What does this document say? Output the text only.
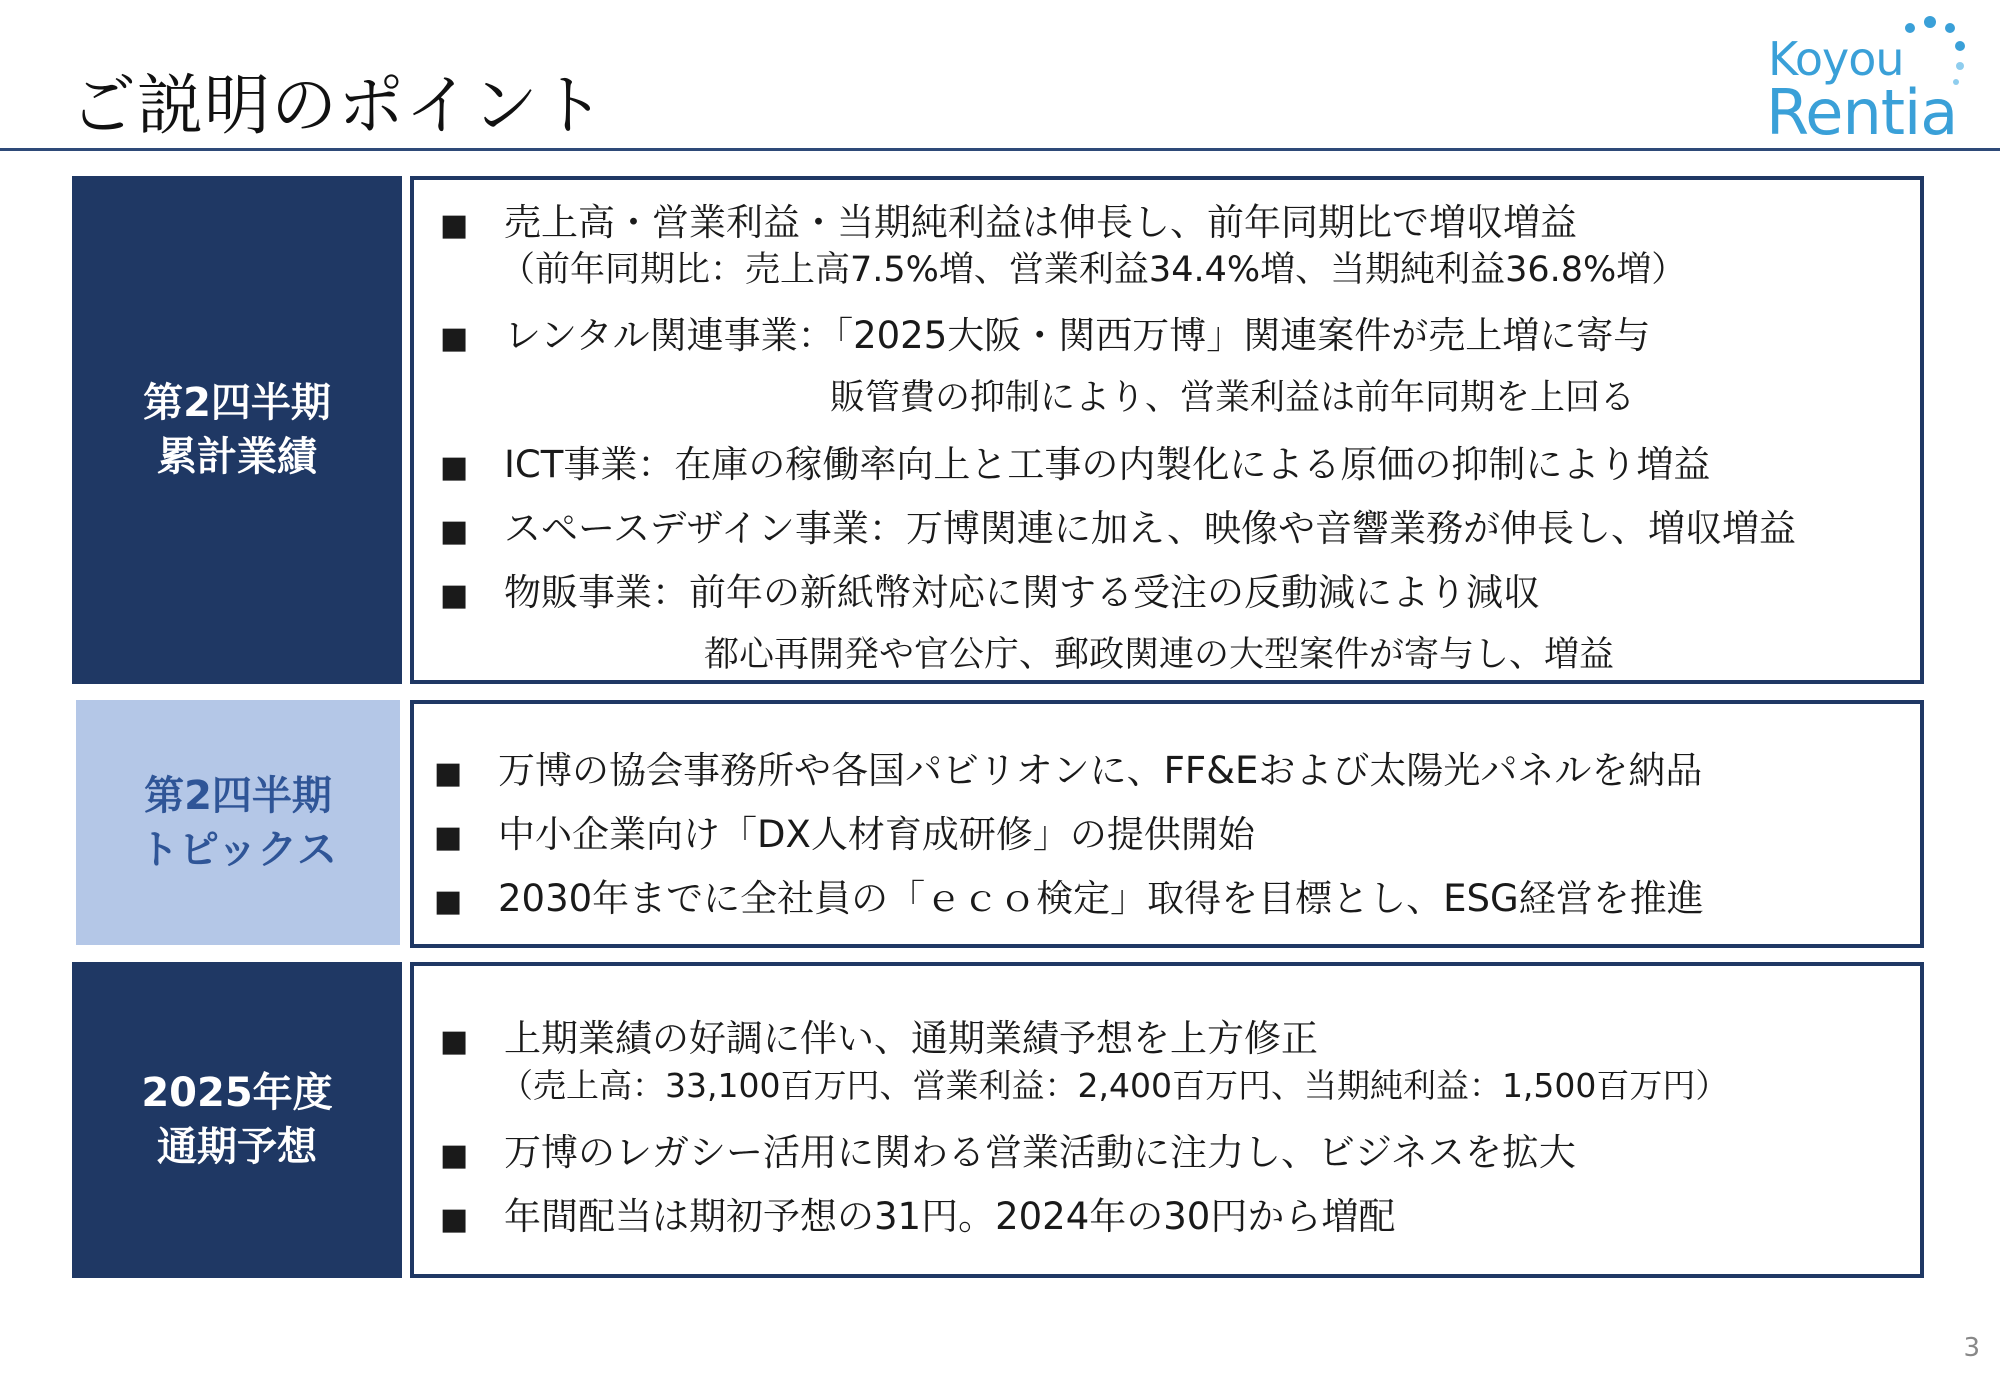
ご説明のポイント
Koyou
Rentia
第2四半期
累計業績
■ 売上高・営業利益・当期純利益は伸長し、前年同期比で増収増益
（前年同期比：売上高7.5%増、営業利益34.4%増、当期純利益36.8%増）
■ レンタル関連事業：「2025大阪・関西万博」関連案件が売上増に寄与
販管費の抑制により、営業利益は前年同期を上回る
■ ICT事業：在庫の稼働率向上と工事の内製化による原価の抑制により増益
■ スペースデザイン事業：万博関連に加え、映像や音響業務が伸長し、増収増益
■ 物販事業：前年の新紙幣対応に関する受注の反動減により減収
都心再開発や官公庁、郵政関連の大型案件が寄与し、増益
第2四半期
トピックス
■ 万博の協会事務所や各国パビリオンに、FF&Eおよび太陽光パネルを納品
■ 中小企業向け「DX人材育成研修」の提供開始
■ 2030年までに全社員の「ｅｃｏ検定」取得を目標とし、ESG経営を推進
2025年度
通期予想
■ 上期業績の好調に伴い、通期業績予想を上方修正
（売上高：33,100百万円、営業利益：2,400百万円、当期純利益：1,500百万円）
■ 万博のレガシー活用に関わる営業活動に注力し、ビジネスを拡大
■ 年間配当は期初予想の31円。2024年の30円から増配
3
